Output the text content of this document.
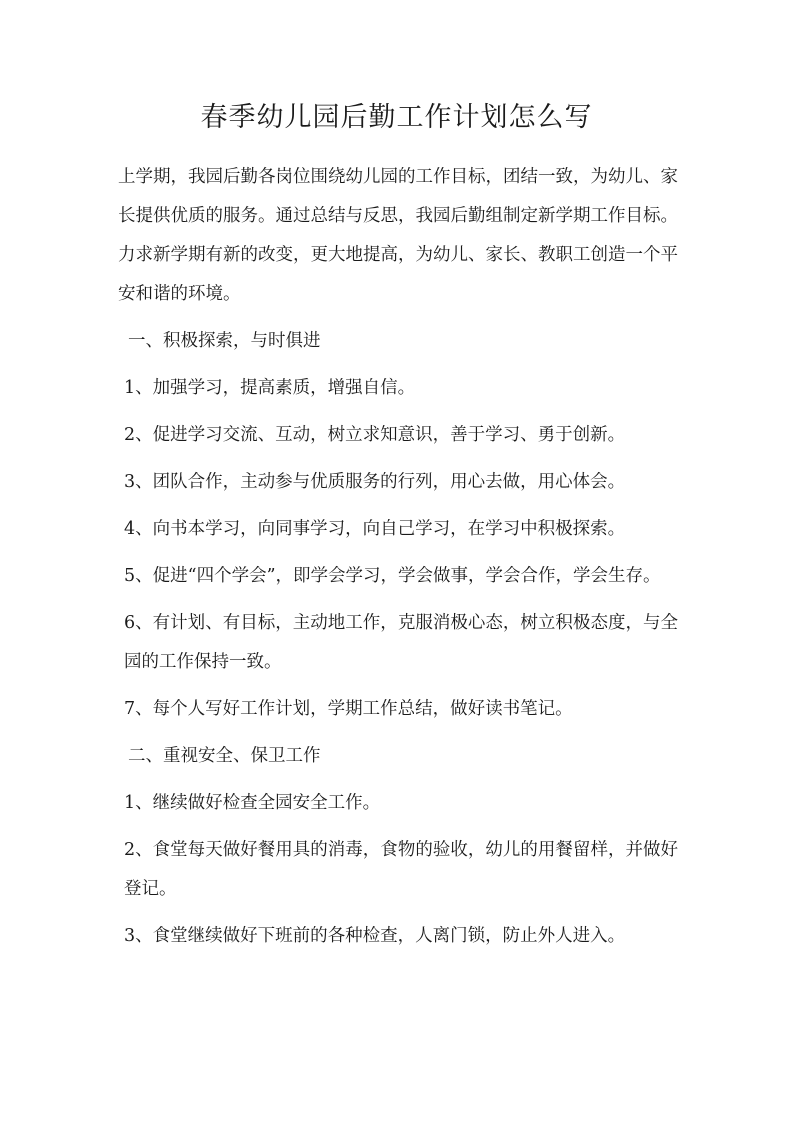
春季幼儿园后勤工作计划怎么写

上学期，我园后勤各岗位围绕幼儿园的工作目标，团结一致，为幼儿、家长提供优质的服务。通过总结与反思，我园后勤组制定新学期工作目标。力求新学期有新的改变，更大地提高，为幼儿、家长、教职工创造一个平安和谐的环境。

一、积极探索，与时俱进

1、加强学习，提高素质，增强自信。

2、促进学习交流、互动，树立求知意识，善于学习、勇于创新。

3、团队合作，主动参与优质服务的行列，用心去做，用心体会。

4、向书本学习，向同事学习，向自己学习，在学习中积极探索。

5、促进“四个学会”，即学会学习，学会做事，学会合作，学会生存。

6、有计划、有目标，主动地工作，克服消极心态，树立积极态度，与全园的工作保持一致。

7、每个人写好工作计划，学期工作总结，做好读书笔记。

二、重视安全、保卫工作

1、继续做好检查全园安全工作。

2、食堂每天做好餐用具的消毒，食物的验收，幼儿的用餐留样，并做好登记。

3、食堂继续做好下班前的各种检查，人离门锁，防止外人进入。
